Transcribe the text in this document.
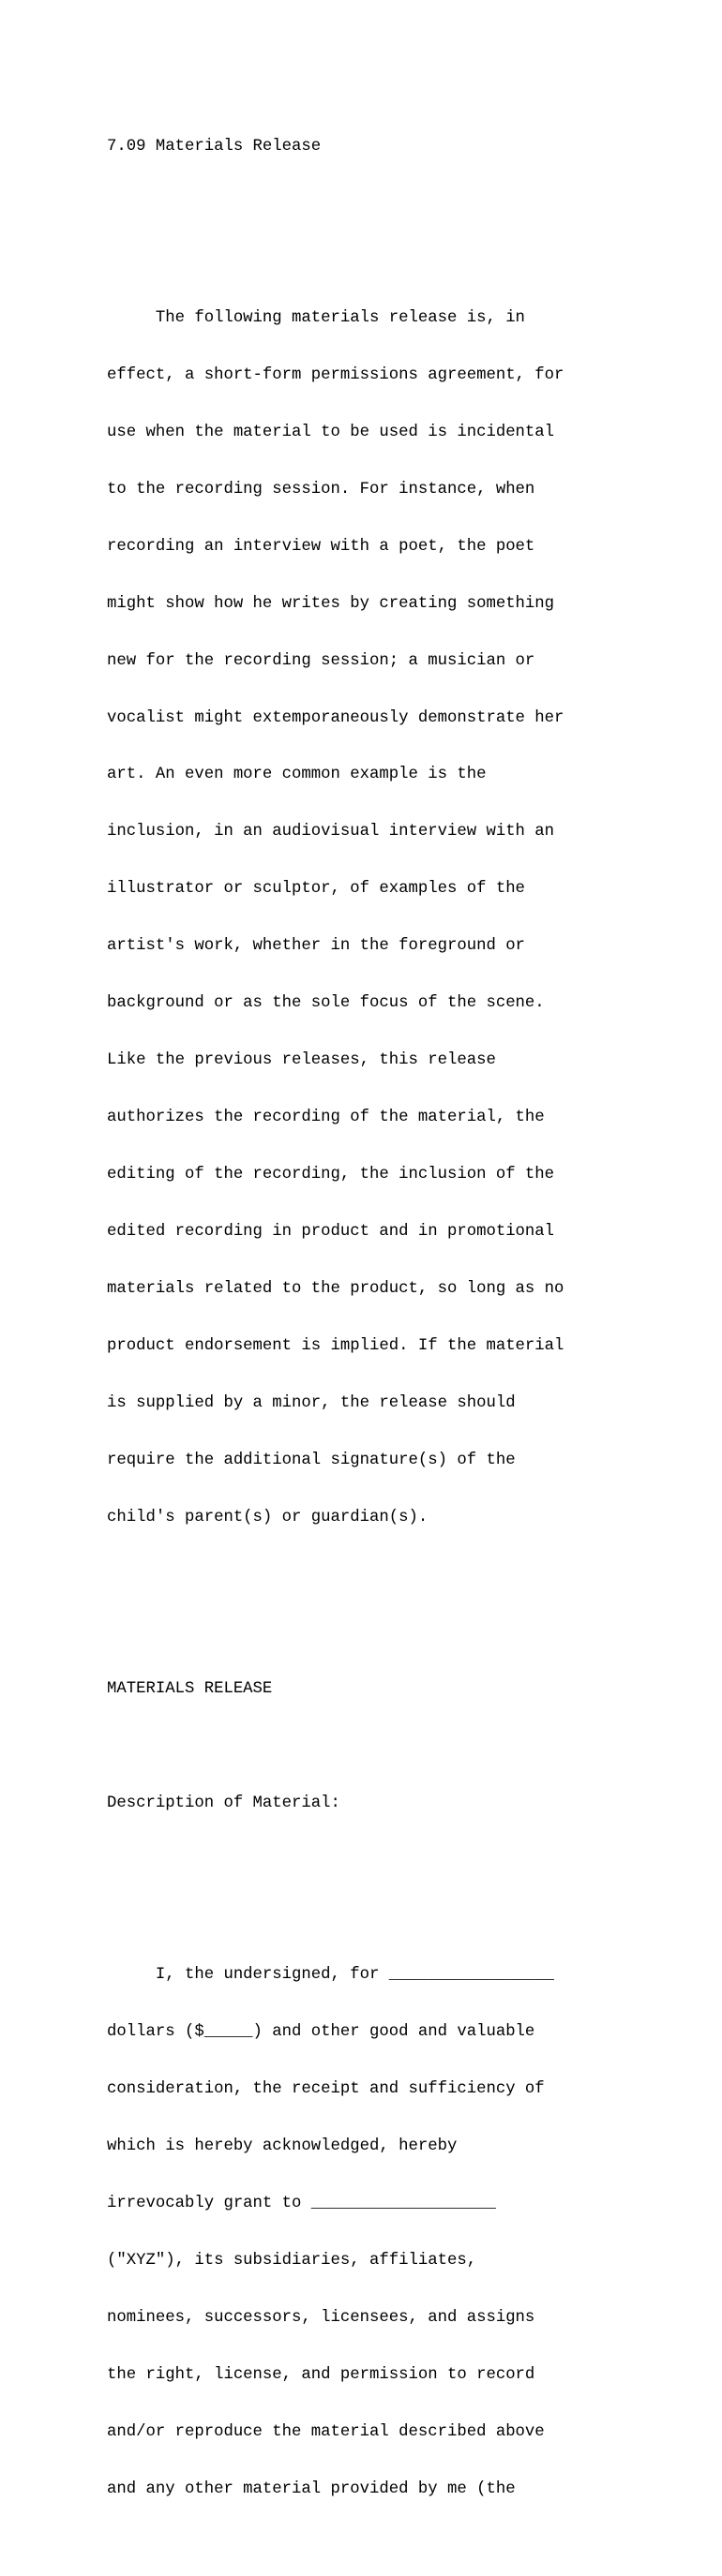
7.09 Materials Release

The following materials release is, in

effect, a short-form permissions agreement, for

use when the material to be used is incidental

to the recording session. For instance, when

recording an interview with a poet, the poet

might show how he writes by creating something

new for the recording session; a musician or

vocalist might extemporaneously demonstrate her

art. An even more common example is the

inclusion, in an audiovisual interview with an

illustrator or sculptor, of examples of the

artist's work, whether in the foreground or

background or as the sole focus of the scene.

Like the previous releases, this release

authorizes the recording of the material, the

editing of the recording, the inclusion of the

edited recording in product and in promotional

materials related to the product, so long as no

product endorsement is implied. If the material

is supplied by a minor, the release should

require the additional signature(s) of the

child's parent(s) or guardian(s).

MATERIALS RELEASE

Description of Material:

I, the undersigned, for _________________

dollars ($_____) and other good and valuable

consideration, the receipt and sufficiency of

which is hereby acknowledged, hereby

irrevocably grant to ___________________

("XYZ"), its subsidiaries, affiliates,

nominees, successors, licensees, and assigns

the right, license, and permission to record

and/or reproduce the material described above

and any other material provided by me (the
